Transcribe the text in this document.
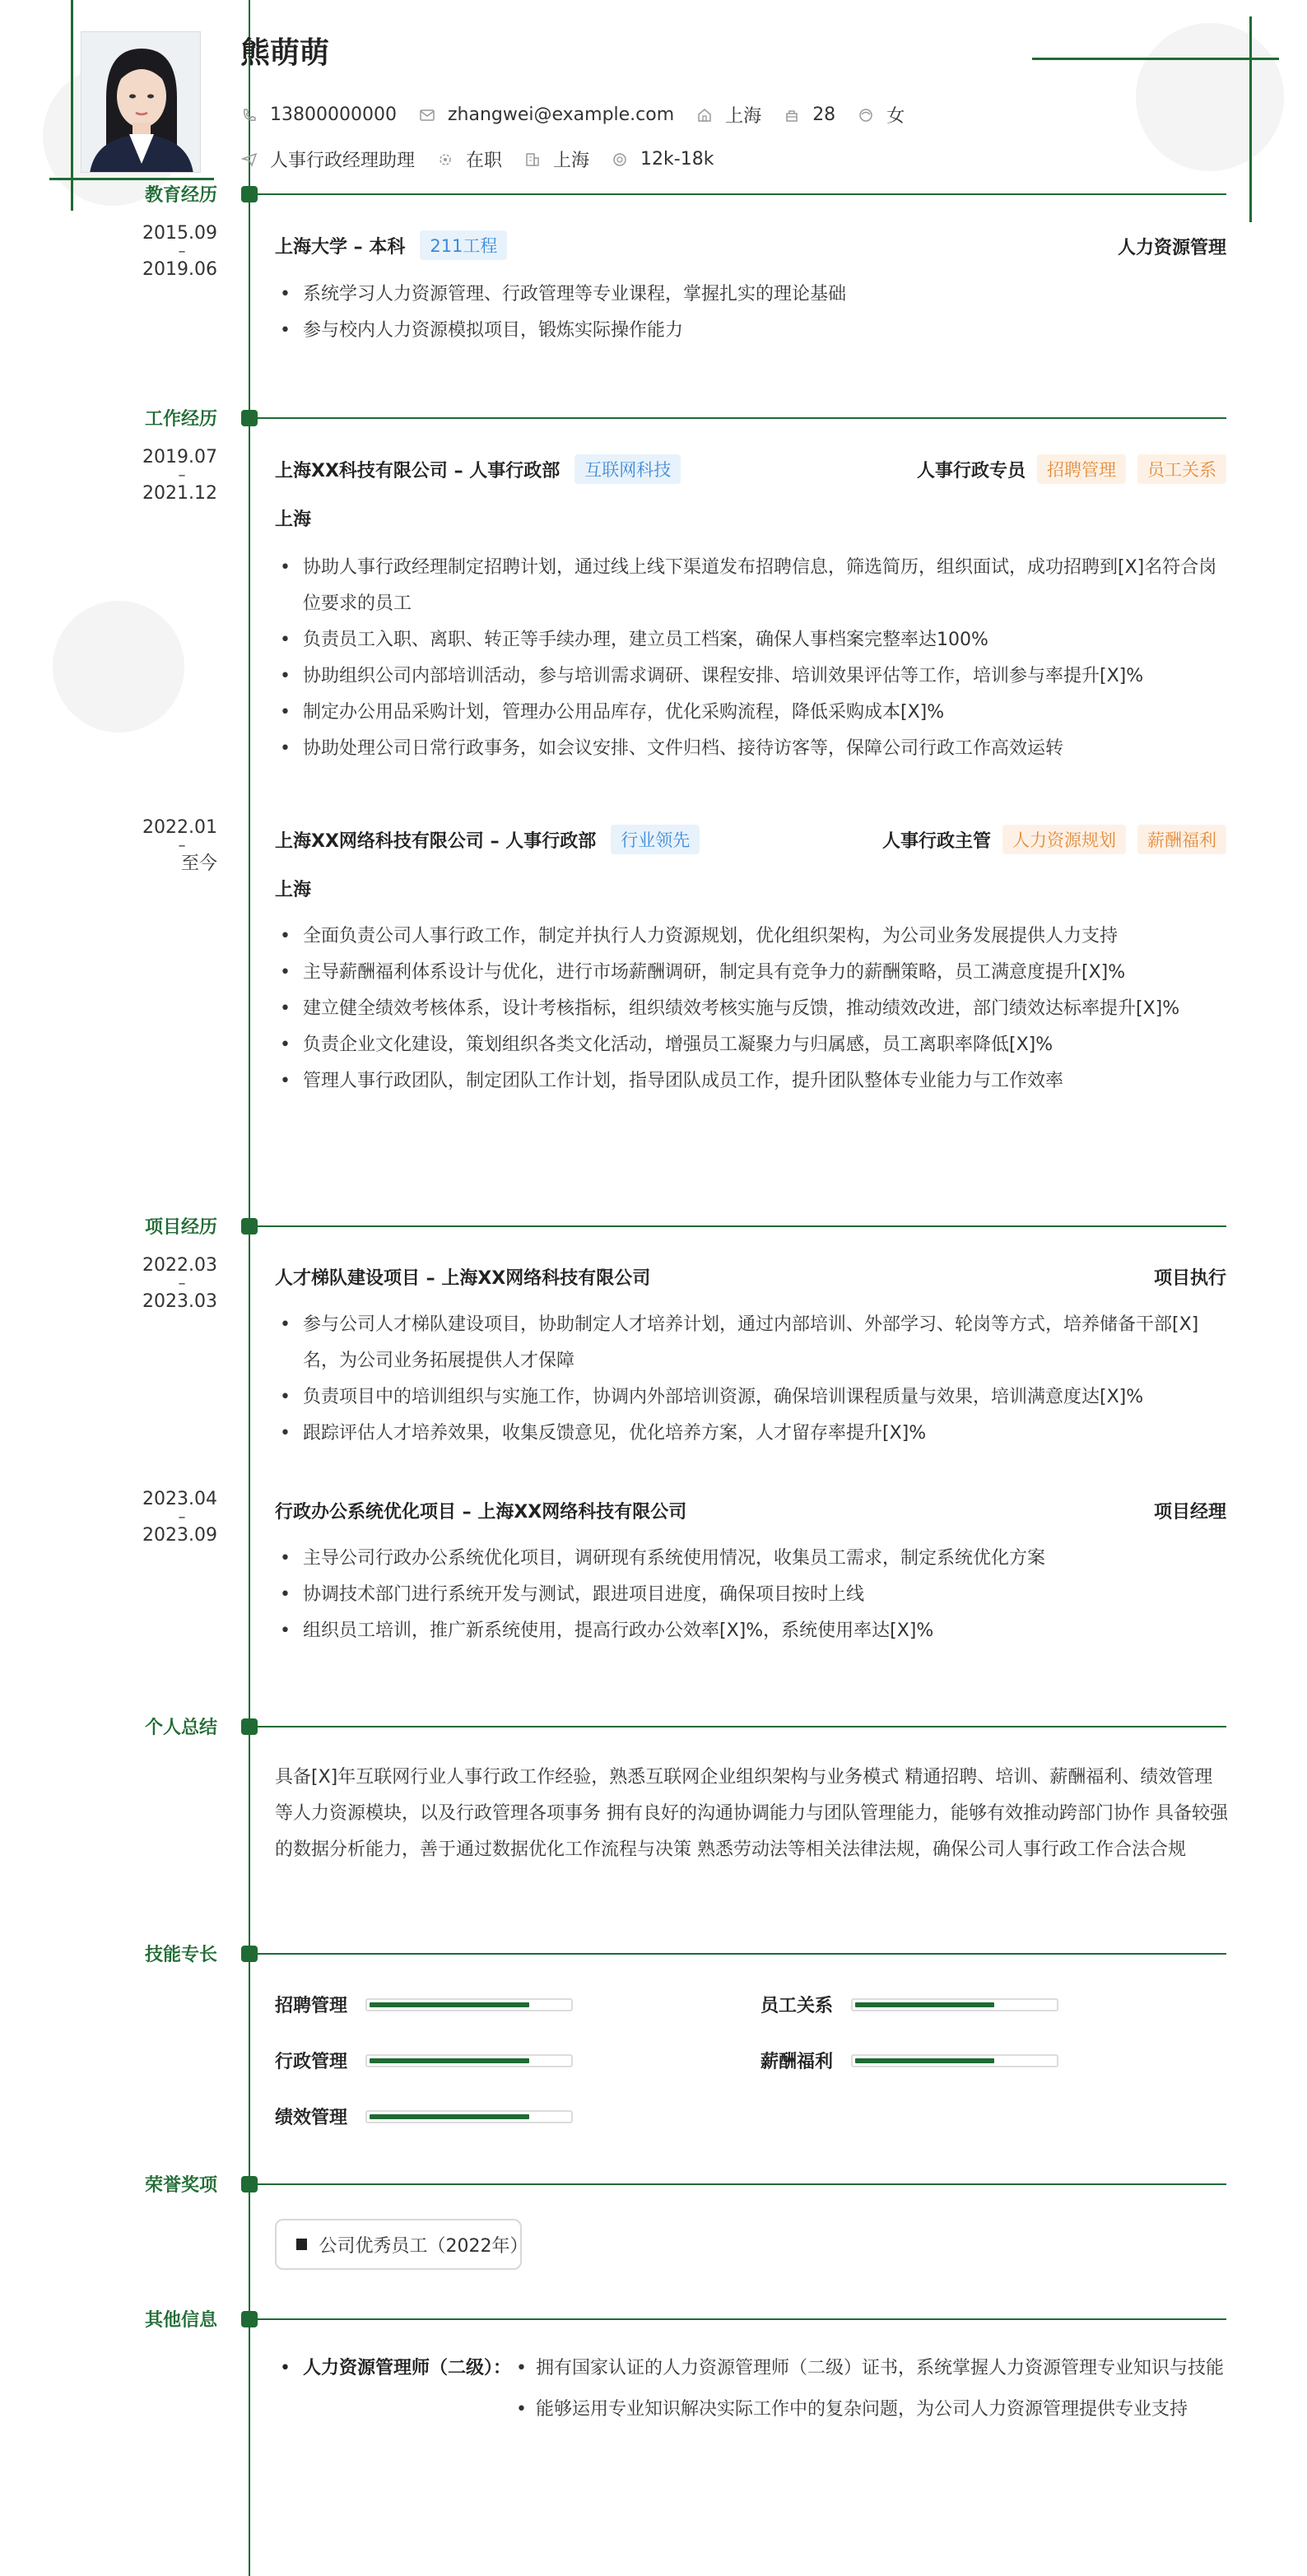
熊萌萌
13800000000	zhangwei@example.com	上海	28	女
人事行政经理助理	在职	上海	12k-18k
教育经历
2015.09
–
2019.06
上海大学 – 本科	211工程	人力资源管理
• 系统学习人力资源管理、行政管理等专业课程，掌握扎实的理论基础
• 参与校内人力资源模拟项目，锻炼实际操作能力
工作经历
2019.07
–
2021.12
上海XX科技有限公司 – 人事行政部	互联网科技	人事行政专员	招聘管理	员工关系
上海
• 协助人事行政经理制定招聘计划，通过线上线下渠道发布招聘信息，筛选简历，组织面试，成功招聘到[X]名符合岗位要求的员工
• 负责员工入职、离职、转正等手续办理，建立员工档案，确保人事档案完整率达100%
• 协助组织公司内部培训活动，参与培训需求调研、课程安排、培训效果评估等工作，培训参与率提升[X]%
• 制定办公用品采购计划，管理办公用品库存，优化采购流程，降低采购成本[X]%
• 协助处理公司日常行政事务，如会议安排、文件归档、接待访客等，保障公司行政工作高效运转
2022.01
–
至今
上海XX网络科技有限公司 – 人事行政部	行业领先	人事行政主管	人力资源规划	薪酬福利
上海
• 全面负责公司人事行政工作，制定并执行人力资源规划，优化组织架构，为公司业务发展提供人力支持
• 主导薪酬福利体系设计与优化，进行市场薪酬调研，制定具有竞争力的薪酬策略，员工满意度提升[X]%
• 建立健全绩效考核体系，设计考核指标，组织绩效考核实施与反馈，推动绩效改进，部门绩效达标率提升[X]%
• 负责企业文化建设，策划组织各类文化活动，增强员工凝聚力与归属感，员工离职率降低[X]%
• 管理人事行政团队，制定团队工作计划，指导团队成员工作，提升团队整体专业能力与工作效率
项目经历
2022.03
–
2023.03
人才梯队建设项目 – 上海XX网络科技有限公司	项目执行
• 参与公司人才梯队建设项目，协助制定人才培养计划，通过内部培训、外部学习、轮岗等方式，培养储备干部[X]名，为公司业务拓展提供人才保障
• 负责项目中的培训组织与实施工作，协调内外部培训资源，确保培训课程质量与效果，培训满意度达[X]%
• 跟踪评估人才培养效果，收集反馈意见，优化培养方案，人才留存率提升[X]%
2023.04
–
2023.09
行政办公系统优化项目 – 上海XX网络科技有限公司	项目经理
• 主导公司行政办公系统优化项目，调研现有系统使用情况，收集员工需求，制定系统优化方案
• 协调技术部门进行系统开发与测试，跟进项目进度，确保项目按时上线
• 组织员工培训，推广新系统使用，提高行政办公效率[X]%，系统使用率达[X]%
个人总结
具备[X]年互联网行业人事行政工作经验，熟悉互联网企业组织架构与业务模式 精通招聘、培训、薪酬福利、绩效管理等人力资源模块，以及行政管理各项事务 拥有良好的沟通协调能力与团队管理能力，能够有效推动跨部门协作 具备较强的数据分析能力，善于通过数据优化工作流程与决策 熟悉劳动法等相关法律法规，确保公司人事行政工作合法合规
技能专长
招聘管理	员工关系
行政管理	薪酬福利
绩效管理
荣誉奖项
公司优秀员工（2022年）
其他信息
• 人力资源管理师（二级）： • 拥有国家认证的人力资源管理师（二级）证书，系统掌握人力资源管理专业知识与技能
• 能够运用专业知识解决实际工作中的复杂问题，为公司人力资源管理提供专业支持
